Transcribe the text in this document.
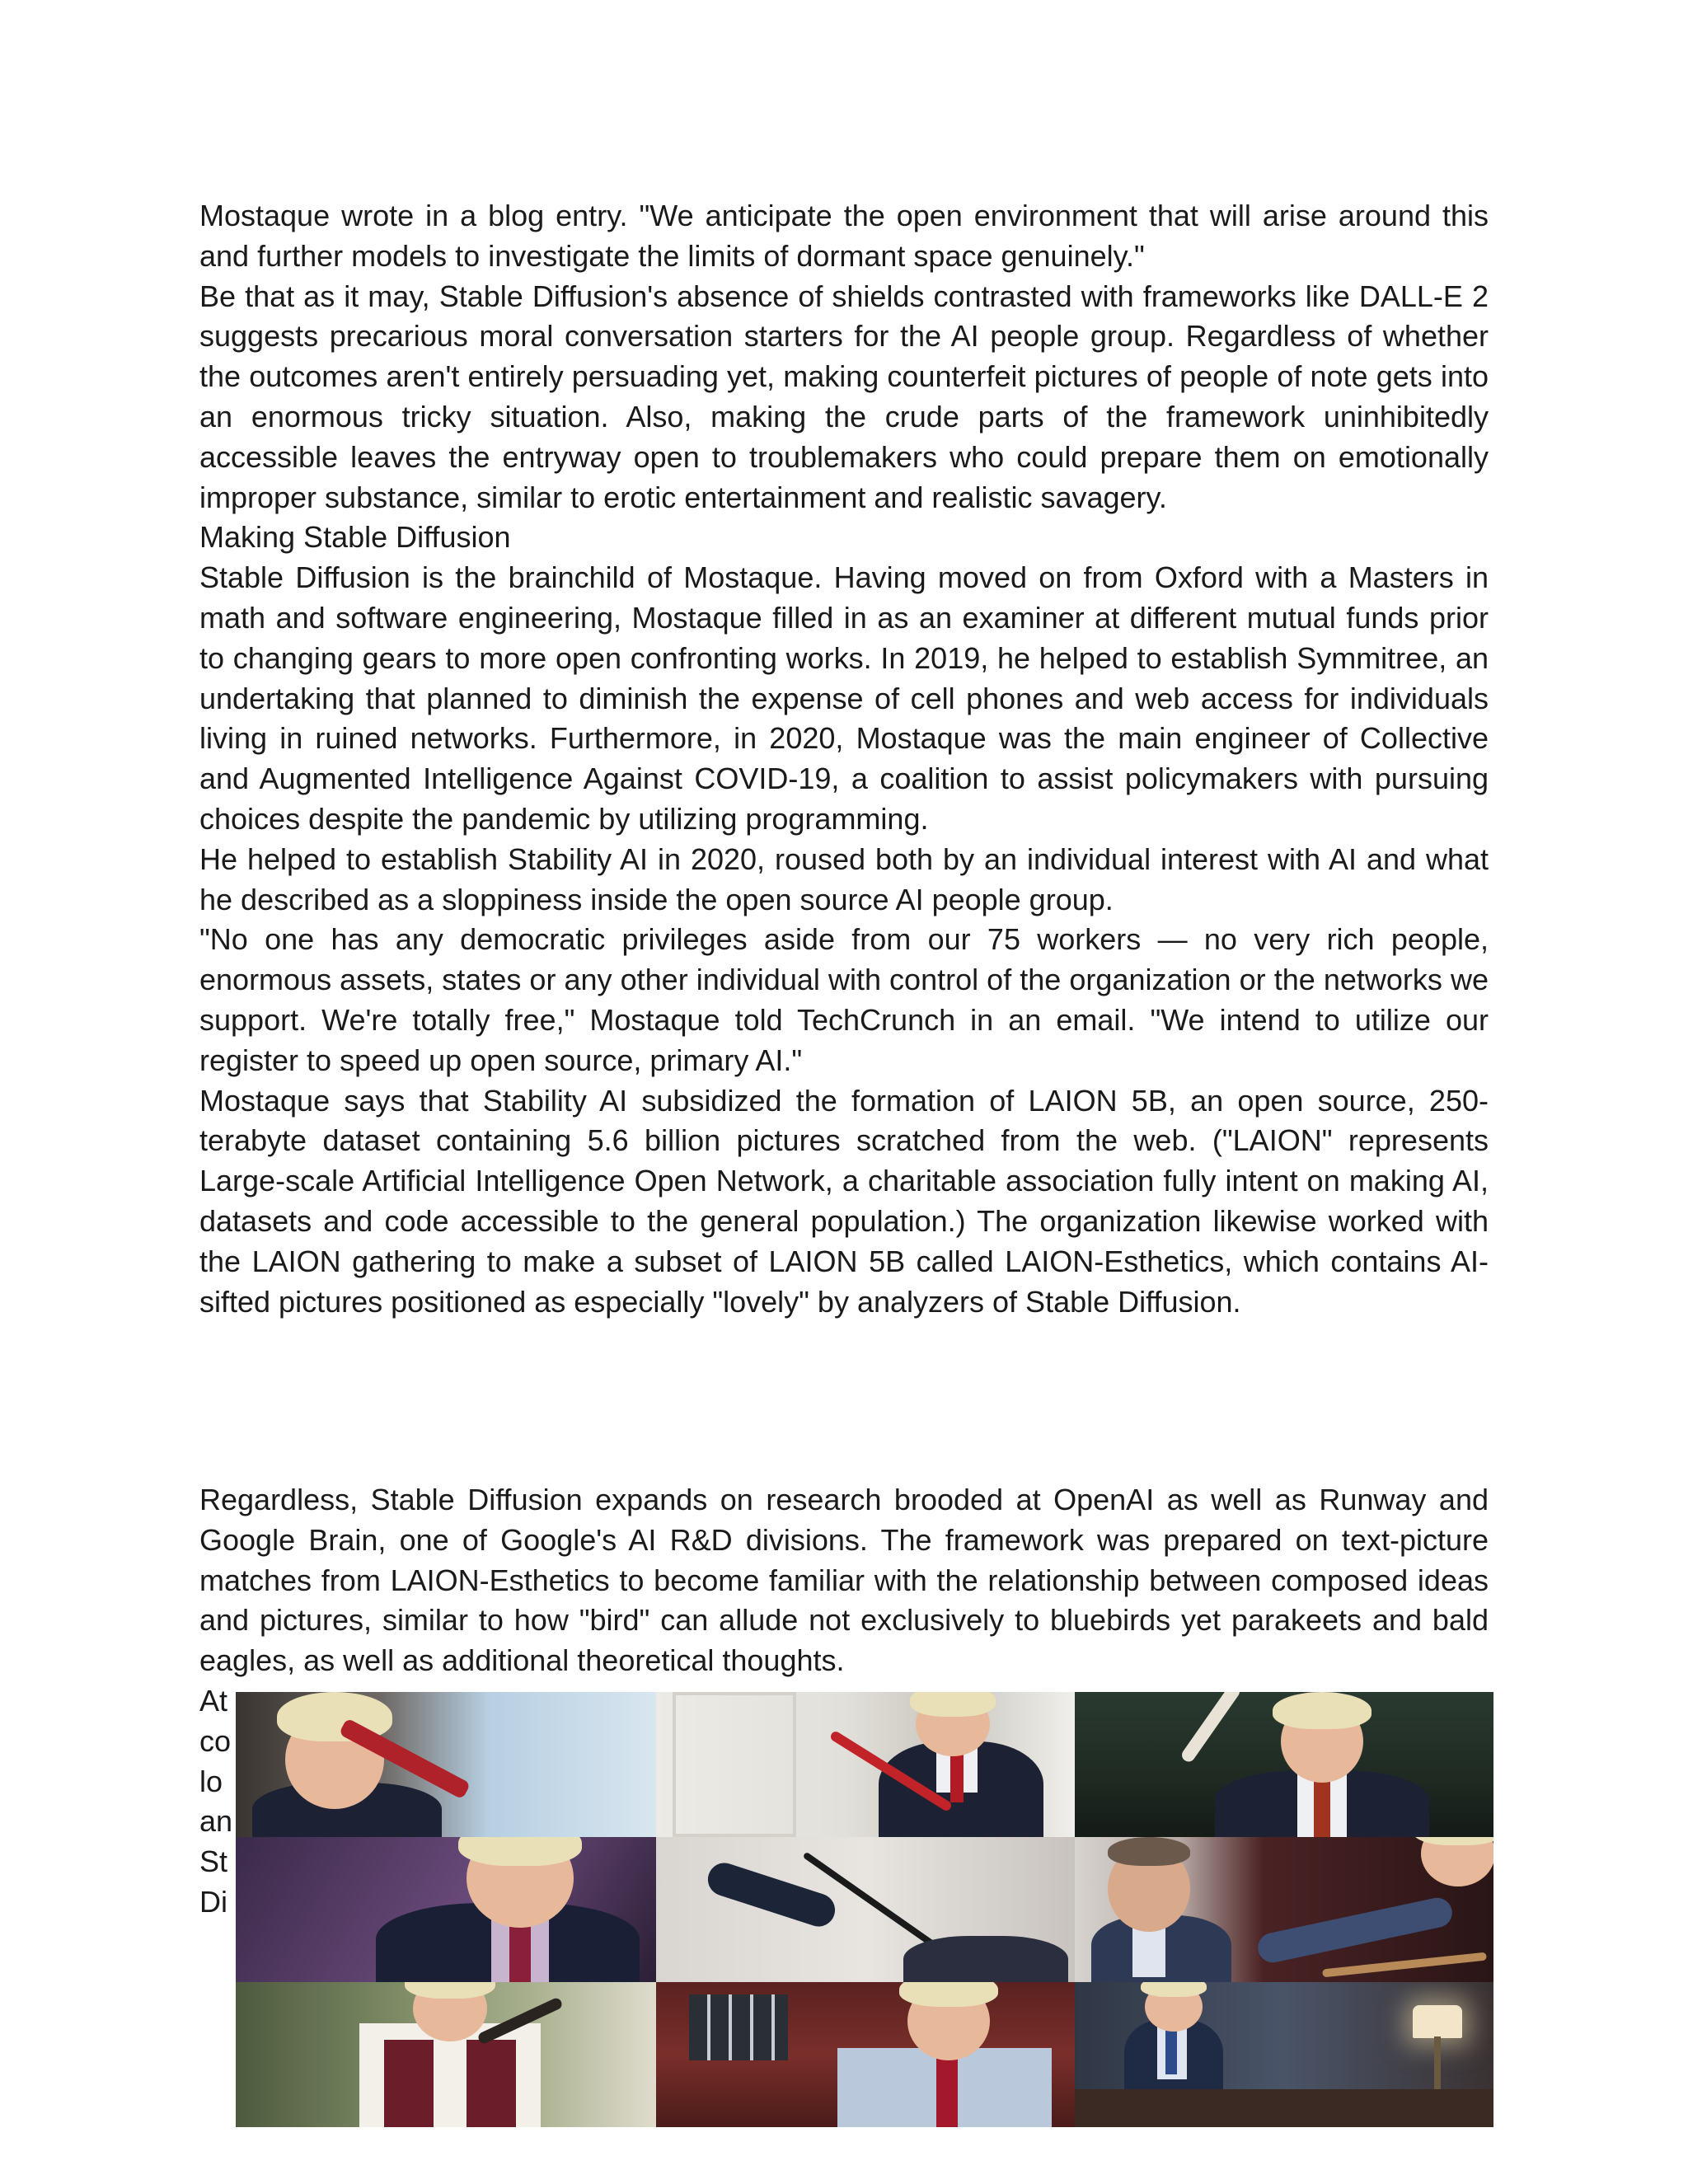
Mostaque wrote in a blog entry. "We anticipate the open environment that will arise around this and further models to investigate the limits of dormant space genuinely."

Be that as it may, Stable Diffusion's absence of shields contrasted with frameworks like DALL-E 2 suggests precarious moral conversation starters for the AI people group. Regardless of whether the outcomes aren't entirely persuading yet, making counterfeit pictures of people of note gets into an enormous tricky situation. Also, making the crude parts of the framework uninhibitedly accessible leaves the entryway open to troublemakers who could prepare them on emotionally improper substance, similar to erotic entertainment and realistic savagery.

Making Stable Diffusion

Stable Diffusion is the brainchild of Mostaque. Having moved on from Oxford with a Masters in math and software engineering, Mostaque filled in as an examiner at different mutual funds prior to changing gears to more open confronting works. In 2019, he helped to establish Symmitree, an undertaking that planned to diminish the expense of cell phones and web access for individuals living in ruined networks. Furthermore, in 2020, Mostaque was the main engineer of Collective and Augmented Intelligence Against COVID-19, a coalition to assist policymakers with pursuing choices despite the pandemic by utilizing programming.

He helped to establish Stability AI in 2020, roused both by an individual interest with AI and what he described as a sloppiness inside the open source AI people group.

"No one has any democratic privileges aside from our 75 workers — no very rich people, enormous assets, states or any other individual with control of the organization or the networks we support. We're totally free," Mostaque told TechCrunch in an email. "We intend to utilize our register to speed up open source, primary AI."

Mostaque says that Stability AI subsidized the formation of LAION 5B, an open source, 250-terabyte dataset containing 5.6 billion pictures scratched from the web. ("LAION" represents Large-scale Artificial Intelligence Open Network, a charitable association fully intent on making AI, datasets and code accessible to the general population.) The organization likewise worked with the LAION gathering to make a subset of LAION 5B called LAION-Esthetics, which contains AI-sifted pictures positioned as especially "lovely" by analyzers of Stable Diffusion.

Regardless, Stable Diffusion expands on research brooded at OpenAI as well as Runway and Google Brain, one of Google's AI R&D divisions. The framework was prepared on text-picture matches from LAION-Esthetics to become familiar with the relationship between composed ideas and pictures, similar to how "bird" can allude not exclusively to bluebirds yet parakeets and bald eagles, as well as additional theoretical thoughts.

At

co

lo

an

St

Di
